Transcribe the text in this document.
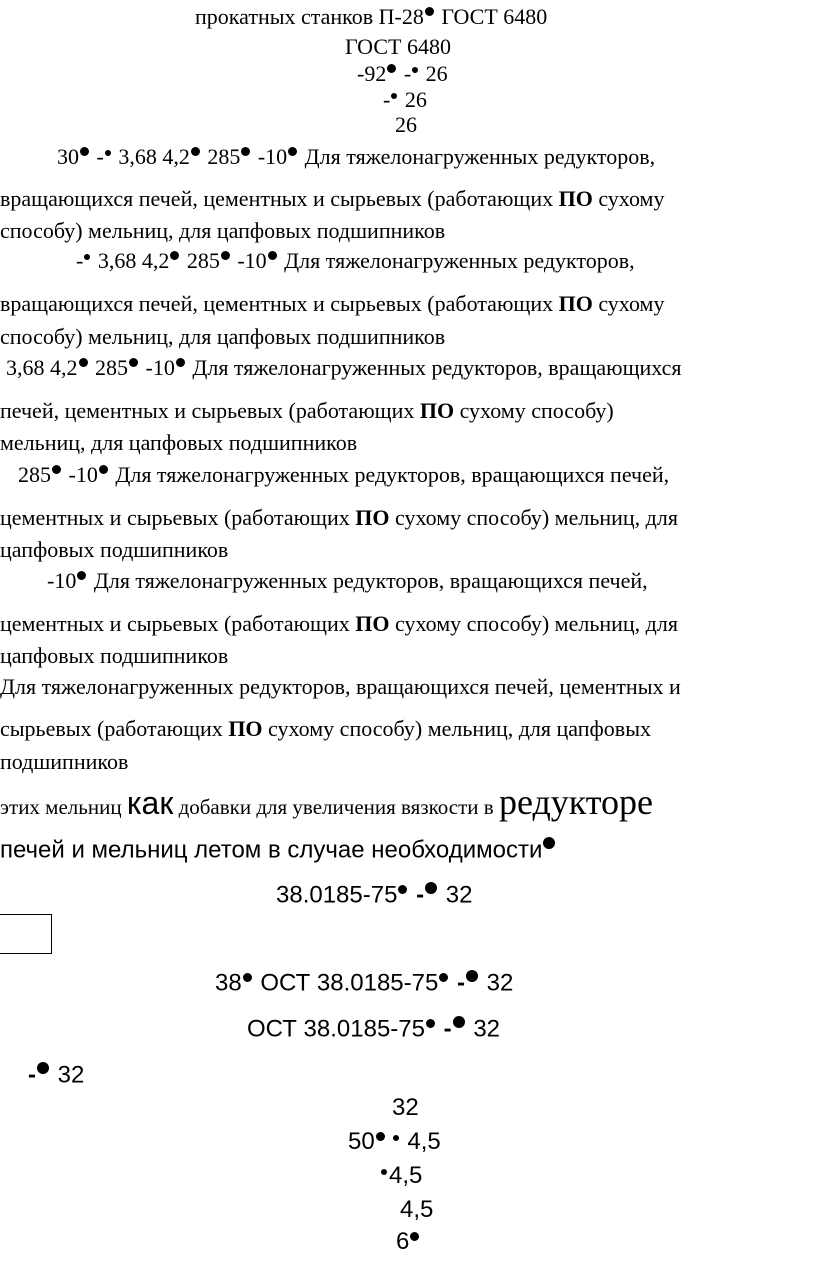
прокатных станков П-28 ГОСТ 6480
ГОСТ 6480
-92 - 26
- 26
26
30 - 3,68 4,2 285 -10 Для тяжелонагруженных редукторов,
вращающихся печей, цементных и сырьевых (работающих ПО сухому
способу) мельниц, для цапфовых подшипников
- 3,68 4,2 285 -10 Для тяжелонагруженных редукторов,
вращающихся печей, цементных и сырьевых (работающих ПО сухому
способу) мельниц, для цапфовых подшипников
3,68 4,2 285 -10 Для тяжелонагруженных редукторов, вращающихся
печей, цементных и сырьевых (работающих ПО сухому способу)
мельниц, для цапфовых подшипников
285 -10 Для тяжелонагруженных редукторов, вращающихся печей,
цементных и сырьевых (работающих ПО сухому способу) мельниц, для
цапфовых подшипников
-10 Для тяжелонагруженных редукторов, вращающихся печей,
цементных и сырьевых (работающих ПО сухому способу) мельниц, для
цапфовых подшипников
Для тяжелонагруженных редукторов, вращающихся печей, цементных и
сырьевых (работающих ПО сухому способу) мельниц, для цапфовых
подшипников
этих мельниц как добавки для увеличения вязкости в редукторе
печей и мельниц летом в случае необходимости
38.0185-75 - 32
38 ОСТ 38.0185-75 - 32
ОСТ 38.0185-75 - 32
- 32
32
50 4,5
4,5
4,5
6
